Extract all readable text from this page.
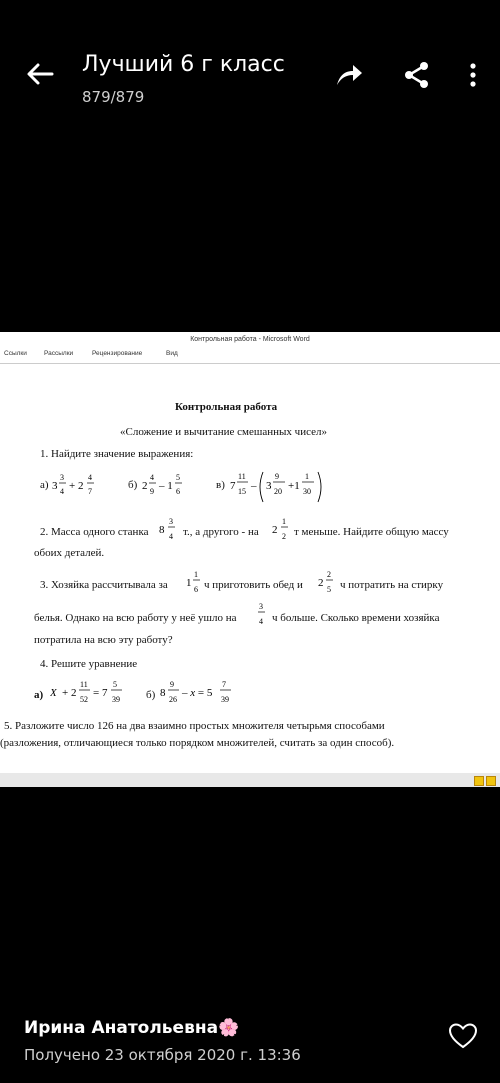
Лучший 6 г класс
879/879
Контрольная работа - Microsoft Word
Ссылки	Рассылки	Рецензирование	Вид
Контрольная работа
«Сложение и вычитание смешанных чисел»
1. Найдите значение выражения:
а) 3
3
4 + 2
4
7
б) 2
4
9 – 1
5
6
в) 7
11
15 – 3
9
20 +1
1
30
2. Масса одного станка 8
3
4 т., а другого - на 2
1
2 т меньше. Найдите общую массу
обоих деталей.
3. Хозяйка рассчитывала за 1
1
6 ч приготовить обед и 2
2
5 ч потратить на стирку
белья. Однако на всю работу у неё ушло на
3
4 ч больше. Сколько времени хозяйка
потратила на всю эту работу?
4. Решите уравнение
а) X + 2
11
52
= 7
5
39 б) 8
9
26
– x = 5
7
39
5. Разложите число 126 на два взаимно простых множителя четырьмя способами
(разложения, отличающиеся только порядком множителей, считать за один способ).
Ирина Анатольевна🌸
Получено 23 октября 2020 г. 13:36
